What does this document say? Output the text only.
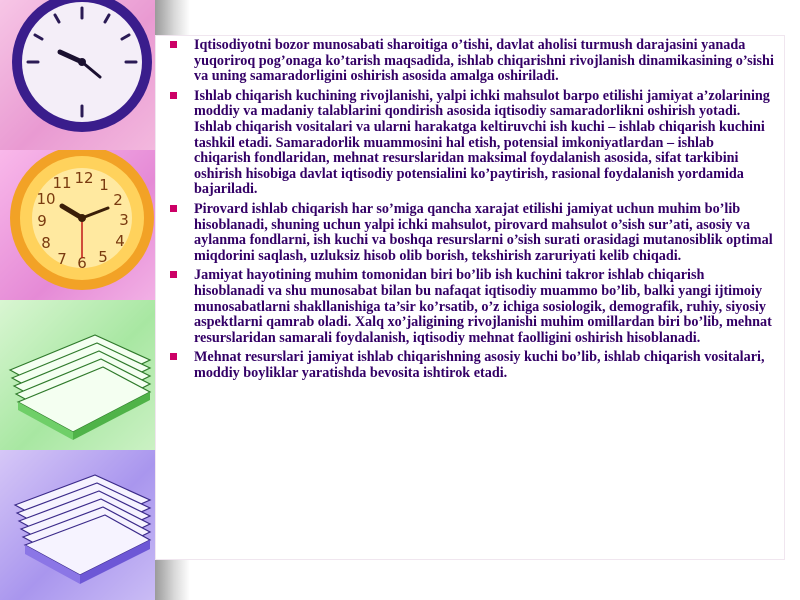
11 12 1
2
3
4
5
6
7
8
9
10
Iqtisodiyotni bozor munosabati sharoitiga o’tishi, davlat aholisi turmush darajasini yanada yuqoriroq pog’onaga ko’tarish maqsadida, ishlab chiqarishni rivojlanish dinamikasining o’sishi va uning samaradorligini oshirish asosida amalga oshiriladi.
Ishlab chiqarish kuchining rivojlanishi, yalpi ichki mahsulot barpo etilishi jamiyat a’zolarining moddiy va madaniy talablarini qondirish asosida iqtisodiy samaradorlikni oshirish yotadi. Ishlab chiqarish vositalari va ularni harakatga keltiruvchi ish kuchi – ishlab chiqarish kuchini tashkil etadi. Samaradorlik muammosini hal etish, potensial imkoniyatlardan – ishlab chiqarish fondlaridan, mehnat resurslaridan maksimal foydalanish asosida, sifat tarkibini oshirish hisobiga davlat iqtisodiy potensialini ko’paytirish, rasional foydalanish yordamida bajariladi.
Pirovard ishlab chiqarish har so’miga qancha xarajat etilishi jamiyat uchun muhim bo’lib hisoblanadi, shuning uchun yalpi ichki mahsulot, pirovard mahsulot o’sish sur’ati, asosiy va aylanma fondlarni, ish kuchi va boshqa resurslarni o’sish surati orasidagi mutanosiblik optimal miqdorini saqlash, uzluksiz hisob olib borish, tekshirish zaruriyati kelib chiqadi.
Jamiyat hayotining muhim tomonidan biri bo’lib ish kuchini takror ishlab chiqarish hisoblanadi va shu munosabat bilan bu nafaqat iqtisodiy muammo bo’lib, balki yangi ijtimoiy munosabatlarni shakllanishiga ta’sir ko’rsatib, o’z ichiga sosiologik, demografik, ruhiy, siyosiy aspektlarni qamrab oladi. Xalq xo’jaligining rivojlanishi muhim omillardan biri bo’lib, mehnat resurslaridan samarali foydalanish, iqtisodiy mehnat faolligini oshirish hisoblanadi.
Mehnat resurslari jamiyat ishlab chiqarishning asosiy kuchi bo’lib, ishlab chiqarish vositalari, moddiy boyliklar yaratishda bevosita ishtirok etadi.
